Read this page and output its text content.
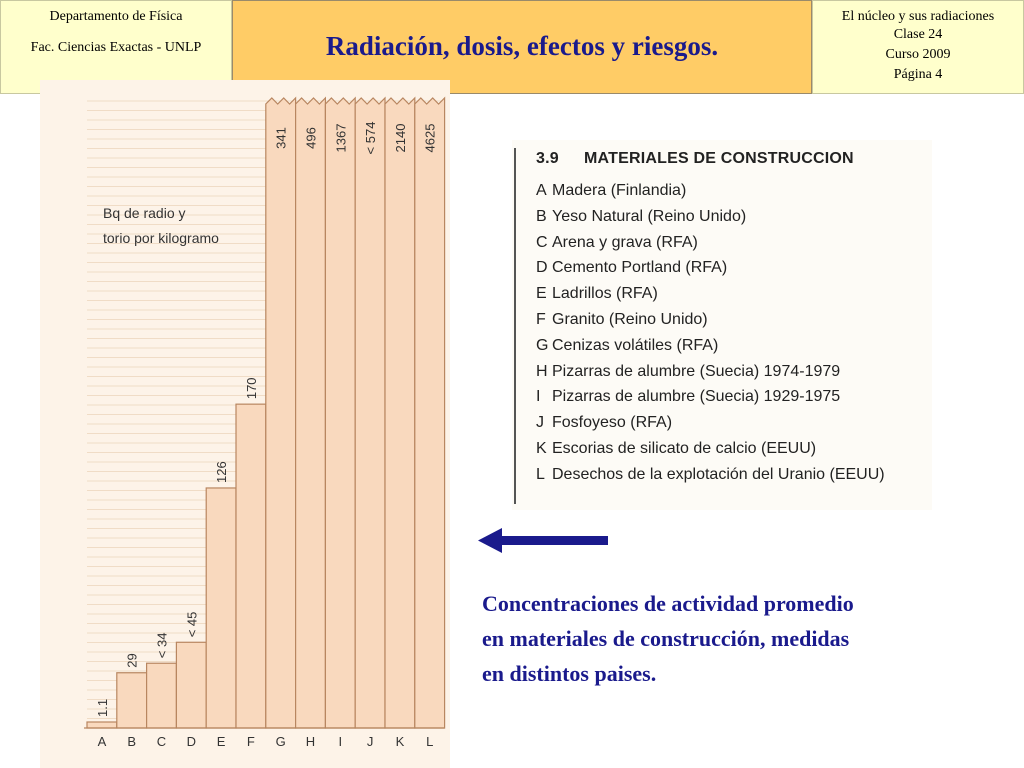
Departamento de Física
Fac. Ciencias Exactas - UNLP	Radiación, dosis, efectos y riesgos.
El núcleo y sus radiaciones
Clase 24
Curso 2009
Página 4
Bq de radio y
torio por kilogramo
1.1
A
29
B
< 34
C
< 45
D
126
E
170
F
341
G
496
H
1367
I
< 574
J
2140
K
4625
L
3.9 MATERIALES DE CONSTRUCCION
A Madera (Finlandia)
B Yeso Natural (Reino Unido)
C Arena y grava (RFA)
D Cemento Portland (RFA)
E Ladrillos (RFA)
F Granito (Reino Unido)
G Cenizas volátiles (RFA)
H Pizarras de alumbre (Suecia) 1974-1979
I Pizarras de alumbre (Suecia) 1929-1975
J Fosfoyeso (RFA)
K Escorias de silicato de calcio (EEUU)
L Desechos de la explotación del Uranio (EEUU)
Concentraciones de actividad promedio
en materiales de construcción, medidas
en distintos paises.
